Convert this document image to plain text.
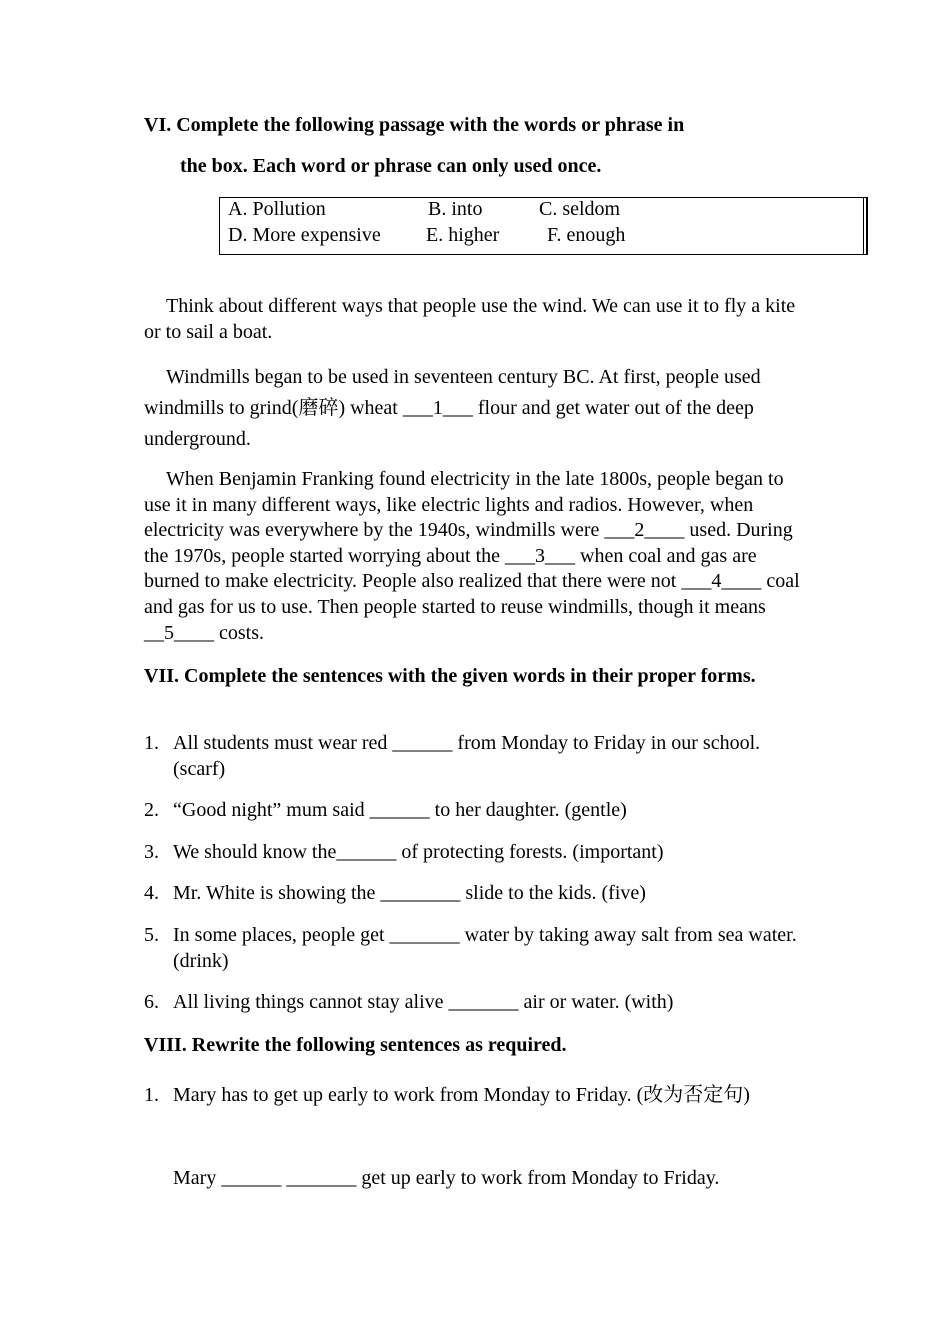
VI. Complete the following passage with the words or phrase in
the box. Each word or phrase can only used once.
A. Pollution	B. into	C. seldom
D. More expensive E. higher F. enough

Think about different ways that people use the wind. We can use it to fly a kite or to sail a boat.

Windmills began to be used in seventeen century BC. At first, people used windmills to grind(磨碎) wheat ___1___ flour and get water out of the deep underground.

When Benjamin Franking found electricity in the late 1800s, people began to use it in many different ways, like electric lights and radios. However, when electricity was everywhere by the 1940s, windmills were ___2____ used. During the 1970s, people started worrying about the ___3___ when coal and gas are burned to make electricity. People also realized that there were not ___4____ coal and gas for us to use. Then people started to reuse windmills, though it means __5____ costs.

VII. Complete the sentences with the given words in their proper forms.
1. All students must wear red ______ from Monday to Friday in our school. (scarf)
2. “Good night” mum said ______ to her daughter. (gentle)
3. We should know the______ of protecting forests. (important)
4. Mr. White is showing the ________ slide to the kids. (five)
5. In some places, people get _______ water by taking away salt from sea water. (drink)
6. All living things cannot stay alive _______ air or water. (with)
VIII. Rewrite the following sentences as required.
1. Mary has to get up early to work from Monday to Friday. (改为否定句)
Mary ______ _______ get up early to work from Monday to Friday.
